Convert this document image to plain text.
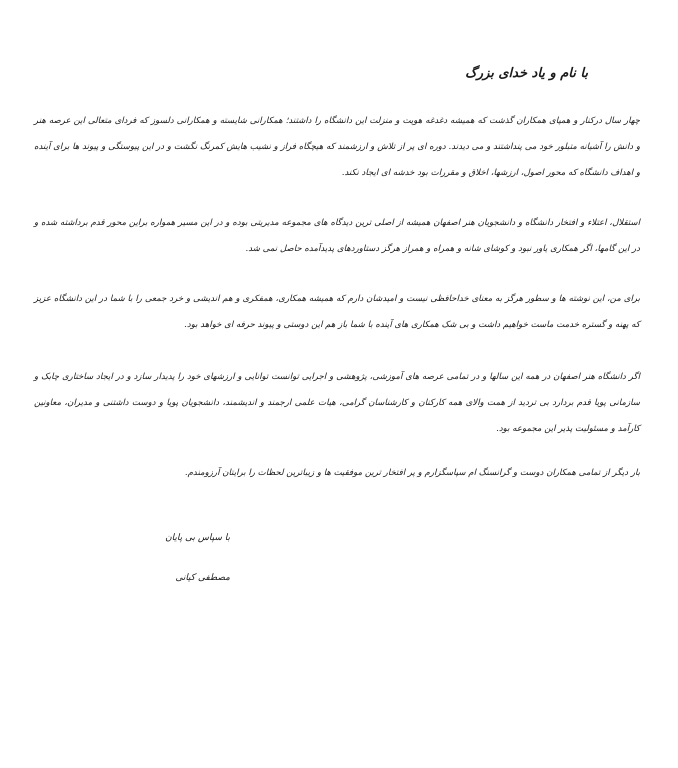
با نام و یاد خدای بزرگ

چهار سال درکنار و همپای همکاران گذشت که همیشه دغدغه هویت و منزلت این دانشگاه را داشتند؛ همکارانی شایسته و همکارانی دلسوز که فردای متعالی این عرصه هنر و دانش را آشیانه متبلور خود می پنداشتند و می دیدند. دوره ای پر از تلاش و ارزشمند که هیچگاه فراز و نشیب هایش کمرنگ نگشت و در این پیوستگی و پیوند ها برای آینده و اهداف دانشگاه که محور اصول، ارزشها، اخلاق و مقررات بود خدشه ای ایجاد نکند.

استقلال، اعتلاء و افتخار دانشگاه و دانشجویان هنر اصفهان همیشه از اصلی ترین دیدگاه های مجموعه مدیریتی بوده و در این مسیر همواره براین محور قدم برداشته شده و در این گامها، اگر همکاری یاور نبود و کوشای شانه و همراه و همراز هرگز دستاوردهای پدیدآمده حاصل نمی شد.

برای من، این نوشته ها و سطور هرگز به معنای خداحافظی نیست و امیدشان دارم که همیشه همکاری، همفکری و هم اندیشی و خرد جمعی را با شما در این دانشگاه عزیز که پهنه و گستره خدمت ماست خواهیم داشت و بی شک همکاری های آینده با شما باز هم این دوستی و پیوند حرفه ای خواهد بود.

اگر دانشگاه هنر اصفهان در همه این سالها و در تمامی عرصه های آموزشی، پژوهشی و اجرایی توانست توانایی و ارزشهای خود را پدیدار سازد و در ایجاد ساختاری چابک و سازمانی پویا قدم بردارد بی تردید از همت والای همه کارکنان و کارشناسان گرامی، هیات علمی ارجمند و اندیشمند، دانشجویان پویا و دوست داشتنی و مدیران، معاونین کارآمد و مسئولیت پذیر این مجموعه بود.

بار دیگر از تمامی همکاران دوست و گرانسنگ ام سپاسگزارم و پر افتخار ترین موفقیت ها و زیباترین لحظات را برایتان آرزومندم.

با سپاس بی پایان
مصطفی کیانی
